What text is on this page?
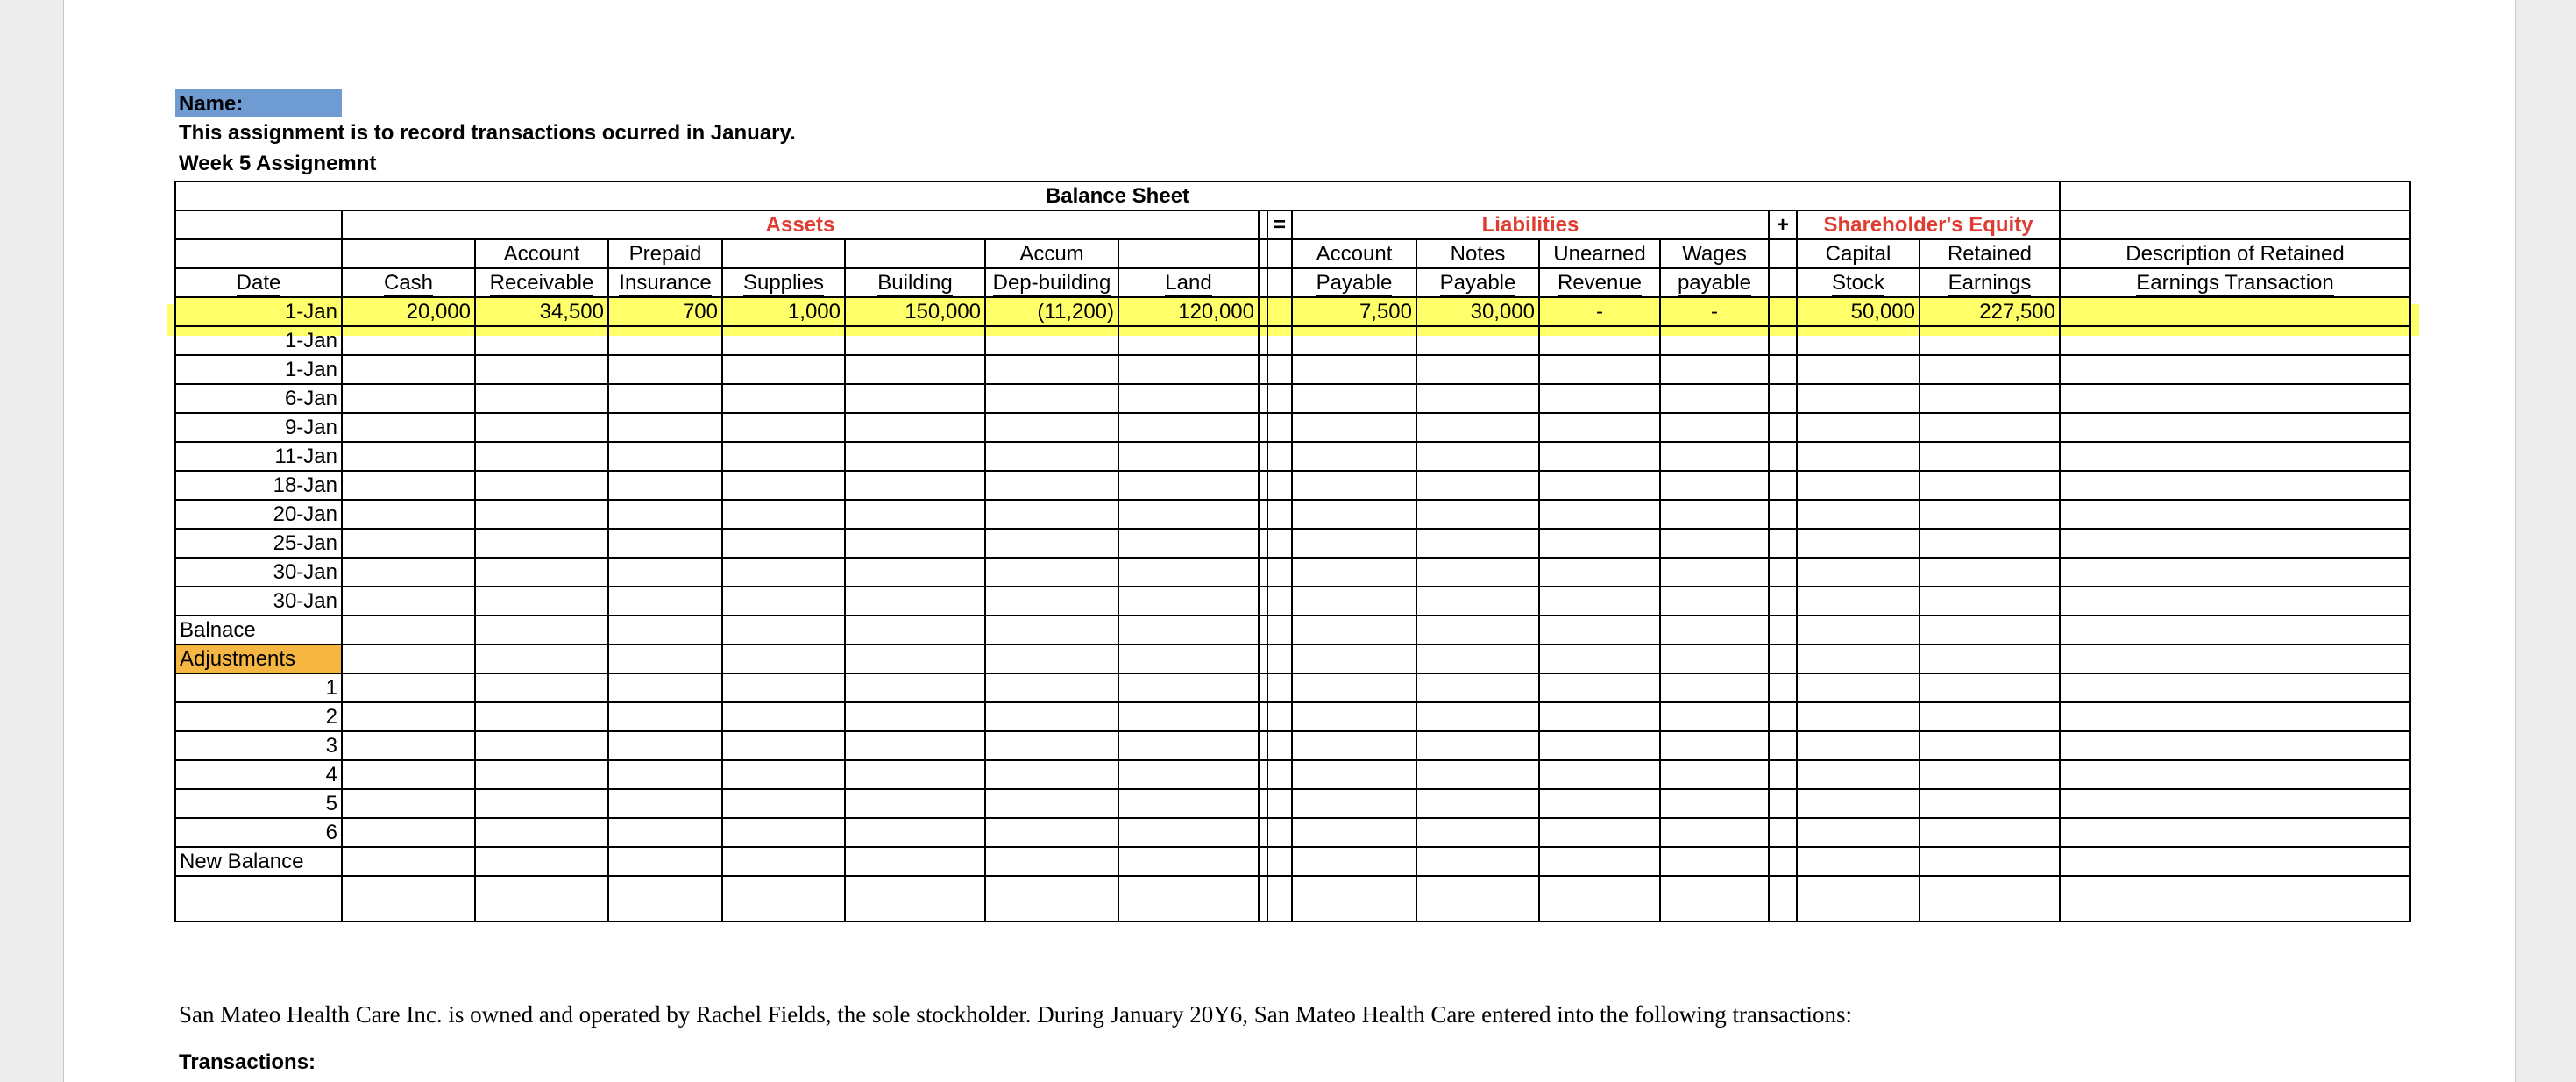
Name:
This assignment is to record transactions ocurred in January.
Week 5 Assignemnt
Balance Sheet																	
	Assets								=	Liabilities				+	Shareholder's Equity		
		Account	Prepaid			Accum				Account	Notes	Unearned	Wages		Capital	Retained	Description of Retained
Date	Cash	Receivable	Insurance	Supplies	Building	Dep-building	Land			Payable	Payable	Revenue	payable		Stock	Earnings	Earnings Transaction
1-Jan	20,000	34,500	700	1,000	150,000	(11,200)	120,000			7,500	30,000	-	-		50,000	227,500	
1-Jan																	
1-Jan																	
6-Jan																	
9-Jan																	
11-Jan																	
18-Jan																	
20-Jan																	
25-Jan																	
30-Jan																	
30-Jan																	
Balnace																	
Adjustments																	
1																	
2																	
3																	
4																	
5																	
6																	
New Balance																	

San Mateo Health Care Inc. is owned and operated by Rachel Fields, the sole stockholder. During January 20Y6, San Mateo Health Care entered into the following transactions:
Transactions:
